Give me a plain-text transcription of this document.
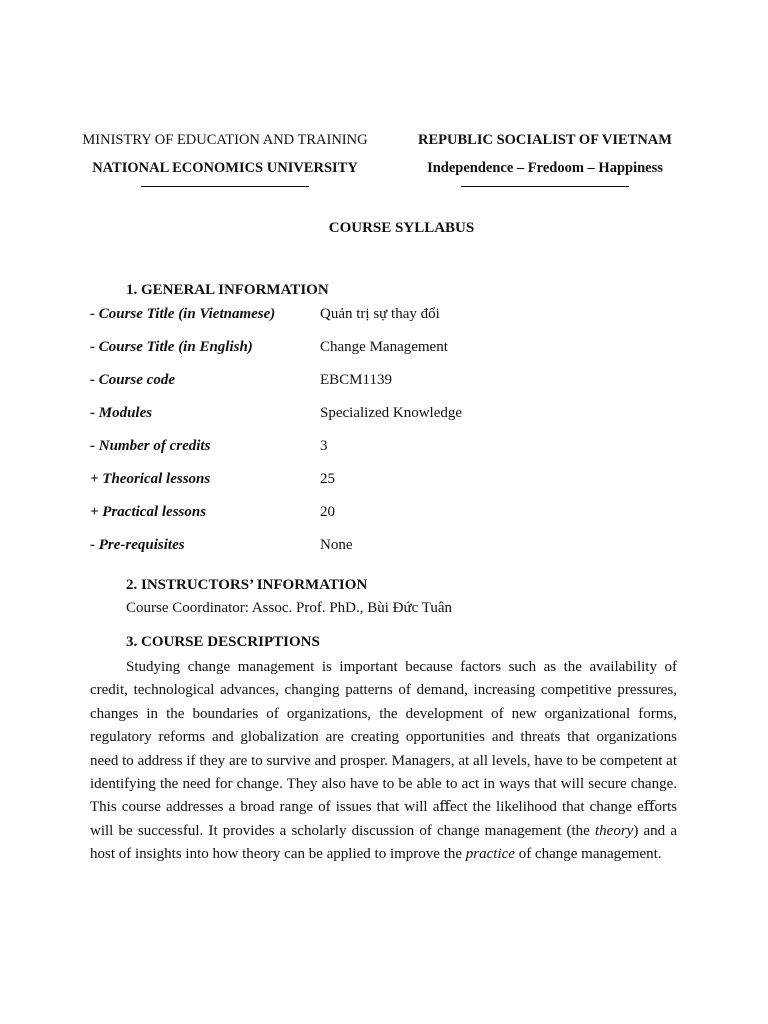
MINISTRY OF EDUCATION AND TRAINING
NATIONAL ECONOMICS UNIVERSITY
REPUBLIC SOCIALIST OF VIETNAM
Independence – Fredoom – Happiness
COURSE SYLLABUS
1. GENERAL INFORMATION
- Course Title (in Vietnamese)	Quản trị sự thay đổi
- Course Title (in English)	Change Management
- Course code	EBCM1139
- Modules	Specialized Knowledge
- Number of credits	3
+ Theorical lessons	25
+ Practical lessons	20
- Pre-requisites	None
2. INSTRUCTORS’ INFORMATION
Course Coordinator: Assoc. Prof. PhD., Bùi Đức Tuân
3. COURSE DESCRIPTIONS

Studying change management is important because factors such as the availability of credit, technological advances, changing patterns of demand, increasing competitive pressures, changes in the boundaries of organizations, the development of new organizational forms, regulatory reforms and globalization are creating opportunities and threats that organizations need to address if they are to survive and prosper. Managers, at all levels, have to be competent at identifying the need for change. They also have to be able to act in ways that will secure change. This course addresses a broad range of issues that will aﬀect the likelihood that change eﬀorts will be successful. It provides a scholarly discussion of change management (the theory) and a host of insights into how theory can be applied to improve the practice of change management.
